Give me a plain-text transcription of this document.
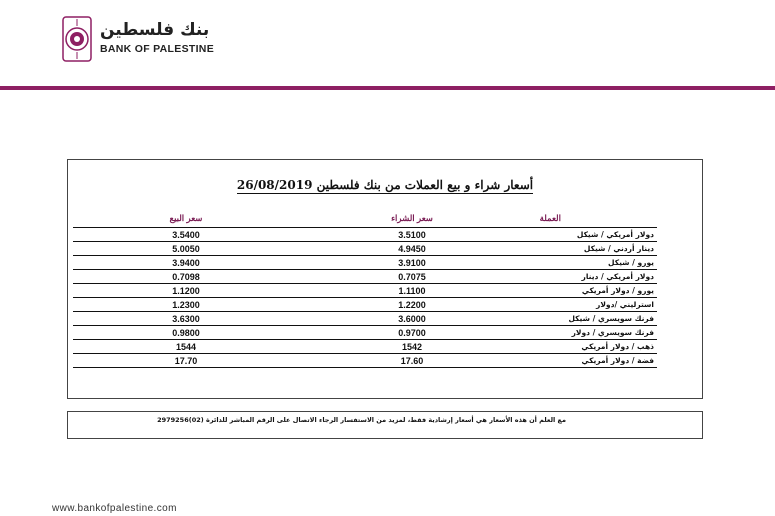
بنك فلسطين
BANK OF PALESTINE
أسعار شراء و بيع العملات من بنك فلسطين 26/08/2019
العملة	سعر الشراء	سعر البيع
دولار أمريكي / شيكل	3.5100	3.5400
دينار أردني / شيكل	4.9450	5.0050
يورو / شيكل	3.9100	3.9400
دولار أمريكي / دينار	0.7075	0.7098
يورو / دولار أمريكي	1.1100	1.1200
استرليني /دولار	1.2200	1.2300
فرنك سويسري / شيكل	3.6000	3.6300
فرنك سويسري / دولار	0.9700	0.9800
ذهب / دولار أمريكي	1542	1544
فضة / دولار أمريكي	17.60	17.70
مع العلم أن هذه الأسعار هي أسعار إرشادية فقط، لمزيد من الاستفسار الرجاء الاتصال على الرقم المباشر للدائرة (02)2979256
www.bankofpalestine.com
